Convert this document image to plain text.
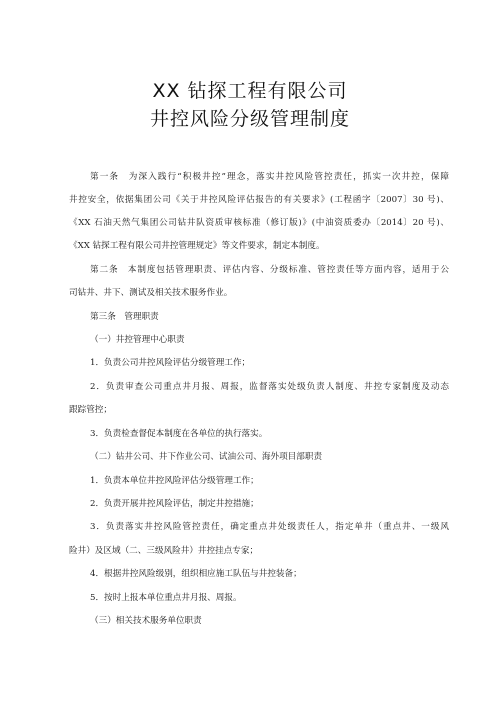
XX 钻探工程有限公司
井控风险分级管理制度
第一条　为深入践行“积极井控”理念，落实井控风险管控责任，抓实一次井控，保障
井控安全，依据集团公司《关于井控风险评估报告的有关要求》(工程函字〔2007〕30 号)、
《XX 石油天然气集团公司钻井队资质审核标准（修订版)》(中油资质委办〔2014〕20 号)、
《XX 钻探工程有限公司井控管理规定》等文件要求，制定本制度。
第二条　本制度包括管理职责、评估内容、分级标准、管控责任等方面内容，适用于公
司钻井、井下、测试及相关技术服务作业。
第三条　管理职责
（一）井控管理中心职责
1．负责公司井控风险评估分级管理工作；
2．负责审查公司重点井月报、周报，监督落实处级负责人制度、井控专家制度及动态
跟踪管控；
3．负责检查督促本制度在各单位的执行落实。
（二）钻井公司、井下作业公司、试油公司、海外项目部职责
1．负责本单位井控风险评估分级管理工作；
2．负责开展井控风险评估，制定井控措施；
3．负责落实井控风险管控责任，确定重点井处级责任人，指定单井（重点井、一级风
险井）及区域（二、三级风险井）井控挂点专家；
4．根据井控风险级别，组织相应施工队伍与井控装备；
5．按时上报本单位重点井月报、周报。
（三）相关技术服务单位职责
